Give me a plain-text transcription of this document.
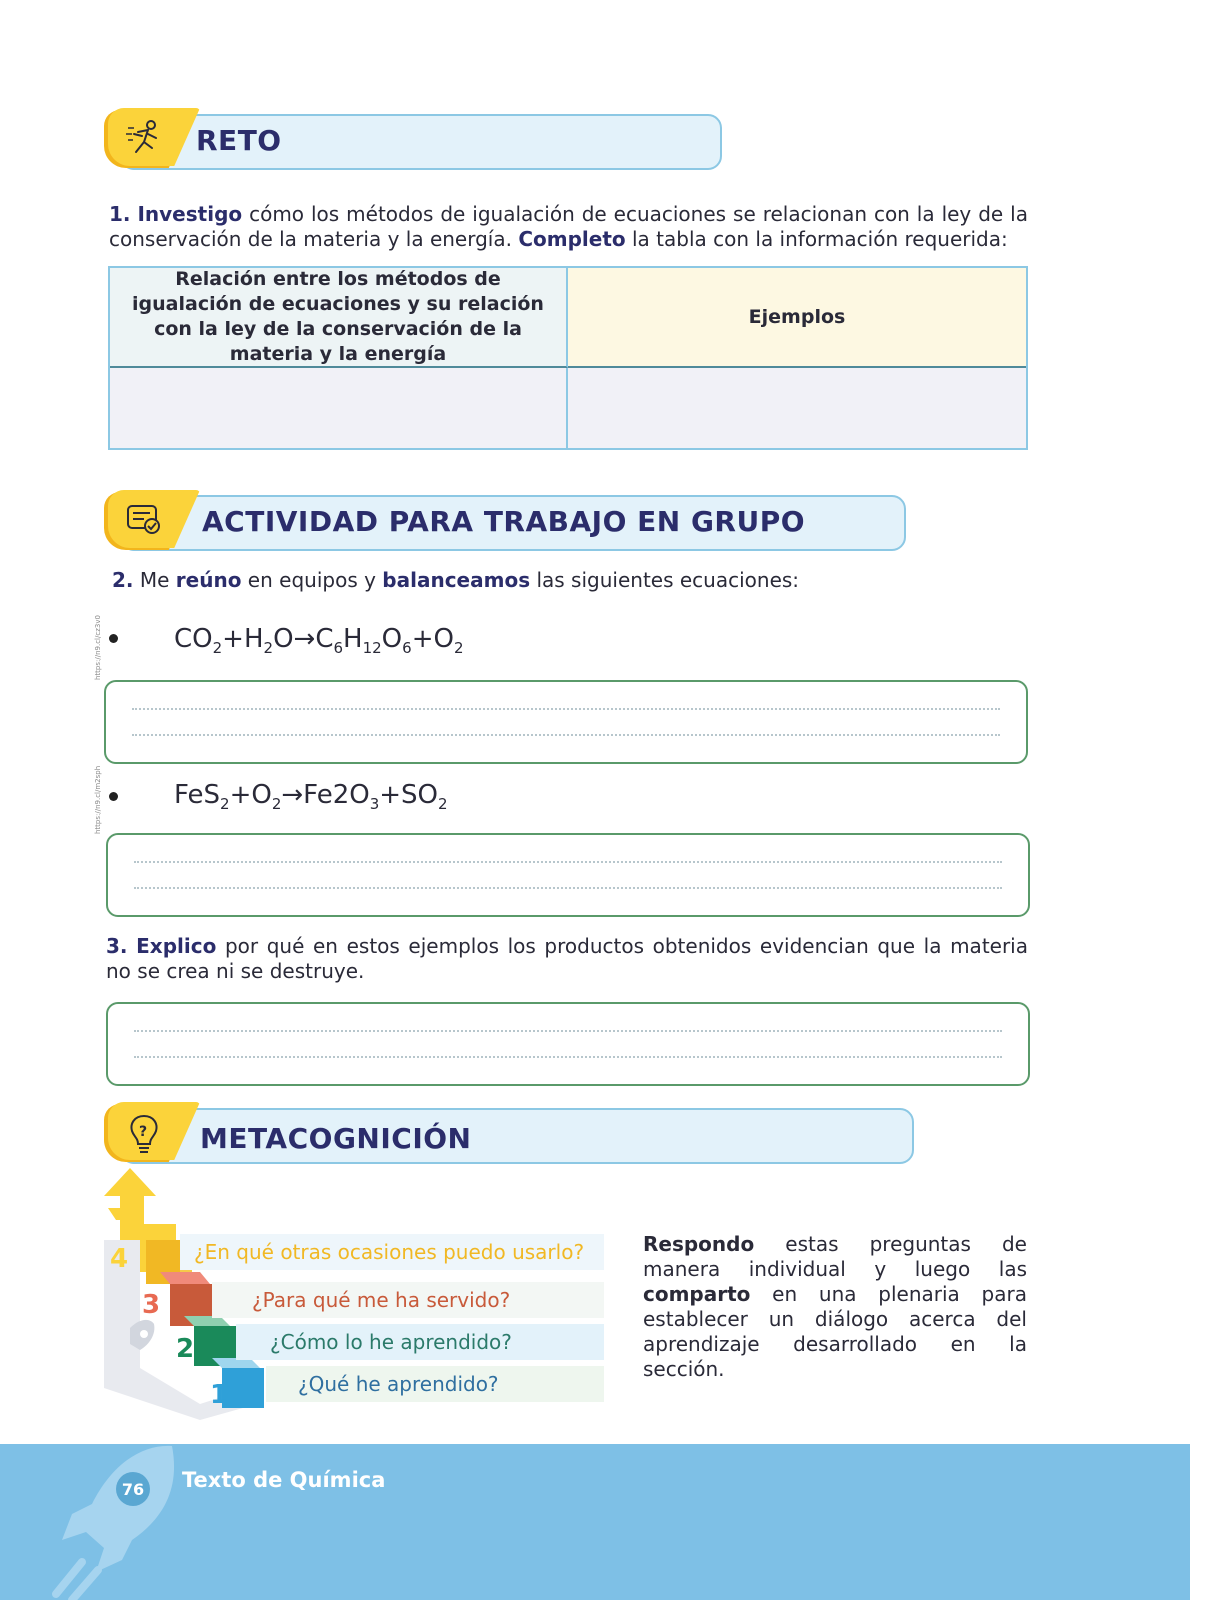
RETO
1. Investigo cómo los métodos de igualación de ecuaciones se relacionan con la ley de la conservación de la materia y la energía. Completo la tabla con la información requerida:
Relación entre los métodos de igualación de ecuaciones y su relación con la ley de la conservación de la materia y la energía
Ejemplos
ACTIVIDAD PARA TRABAJO EN GRUPO
2. Me reúno en equipos y balanceamos las siguientes ecuaciones:
https://n9.cl/cz3v0	$CO_2+H_2O\to C_6H_{12}O_6+O_2$
https://n9.cl/m2sph	$FeS_2+O_2\to Fe2O_3+SO_2$
3. Explico por qué en estos ejemplos los productos obtenidos evidencian que la materia no se crea ni se destruye.
? METACOGNICIÓN
4
3
2
1
¿En qué otras ocasiones puedo usarlo?
¿Para qué me ha servido?
¿Cómo lo he aprendido?
¿Qué he aprendido?
Respondo estas preguntas de manera individual y luego las comparto en una plenaria para establecer un diálogo acerca del aprendizaje desarrollado en la sección.
76 Texto de Química
